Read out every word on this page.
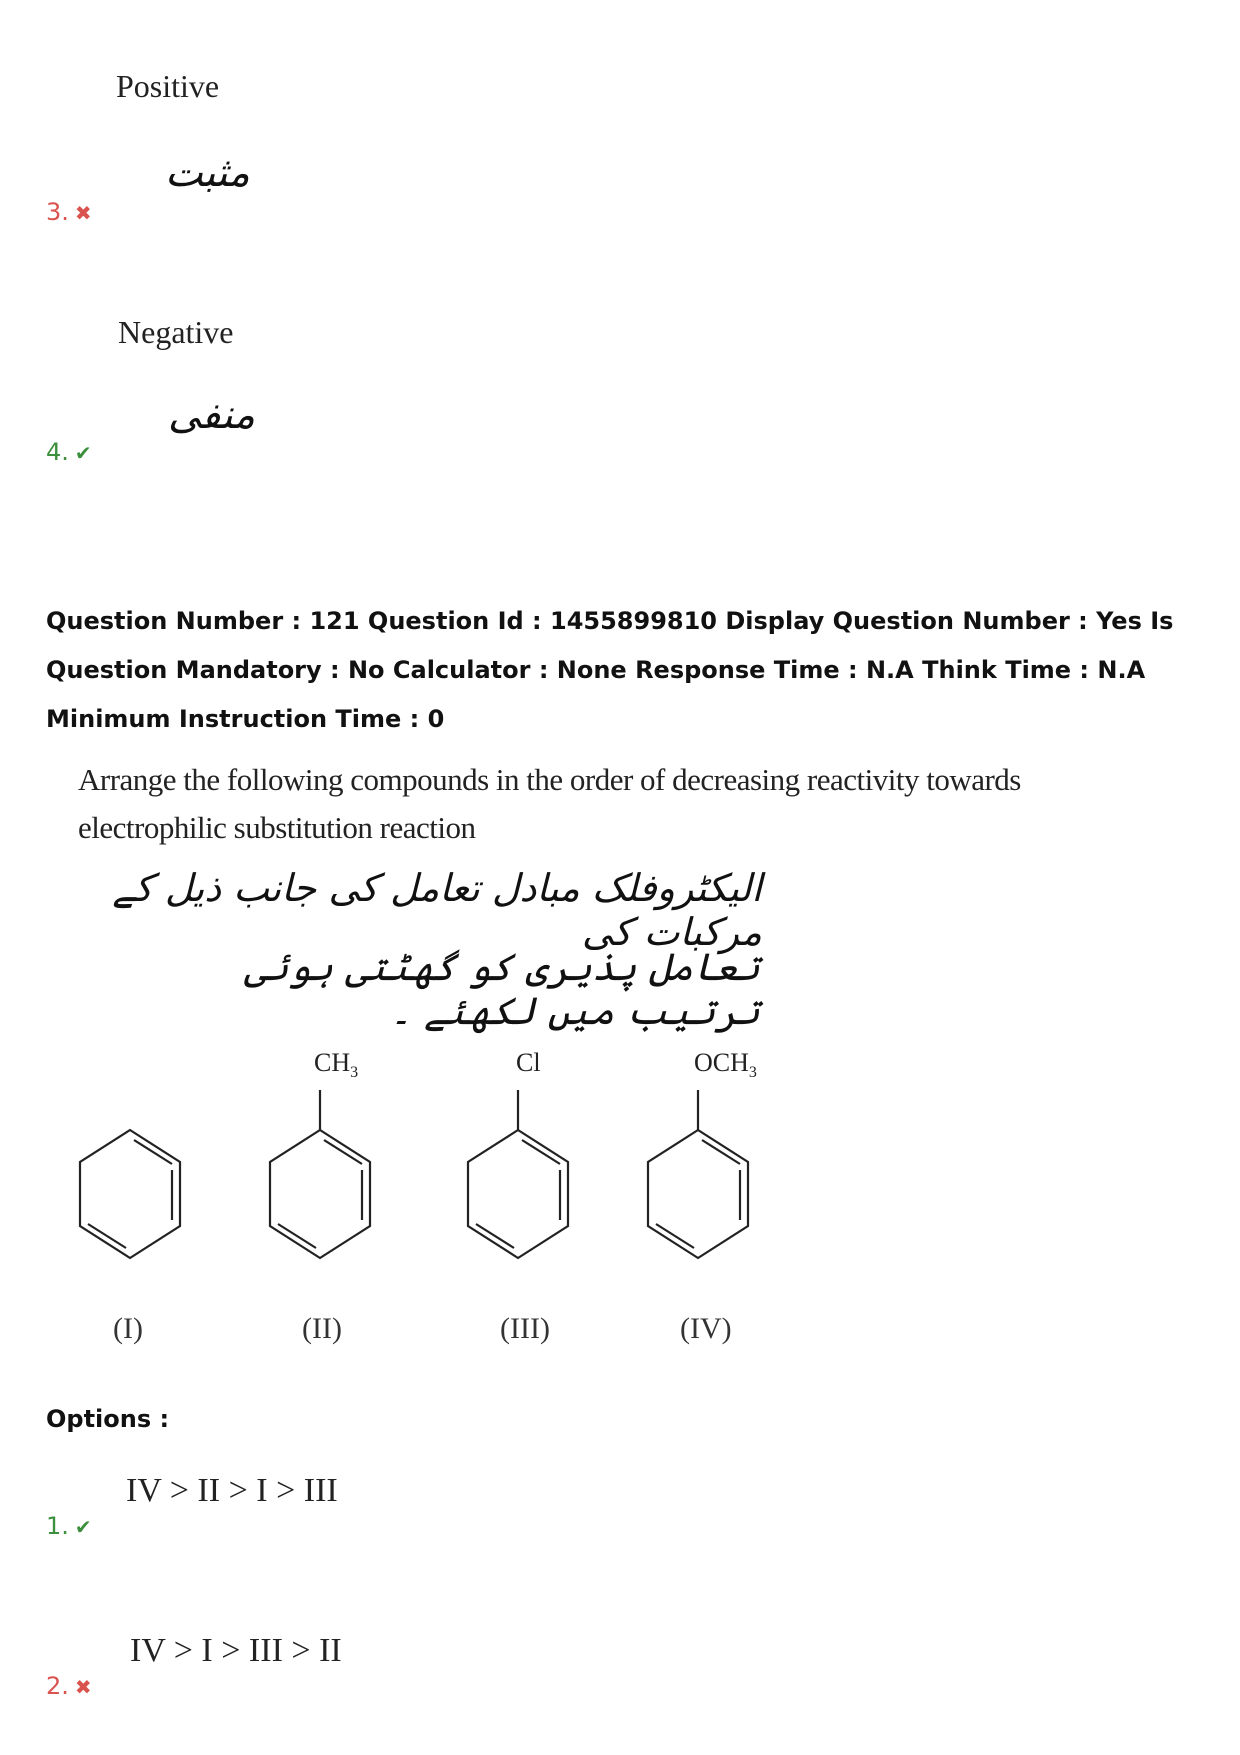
Positive
مثبت
3. ✖
Negative
منفی
4. ✔
Question Number : 121 Question Id : 1455899810 Display Question Number : Yes Is Question Mandatory : No Calculator : None Response Time : N.A Think Time : N.A Minimum Instruction Time : 0
Arrange the following compounds in the order of decreasing reactivity towards
electrophilic substitution reaction
الیکٹروفلک مبادل تعامل کی جانب ذیل کے مرکبات کی
تعامل پذیری کو گھٹتی ہوئی ترتیب میں لکھئے ۔
$CH_3$	Cl	$OCH_3$
(I)	(II)	(III)	(IV)
Options :
IV > II > I > III
1. ✔
IV > I > III > II
2. ✖
